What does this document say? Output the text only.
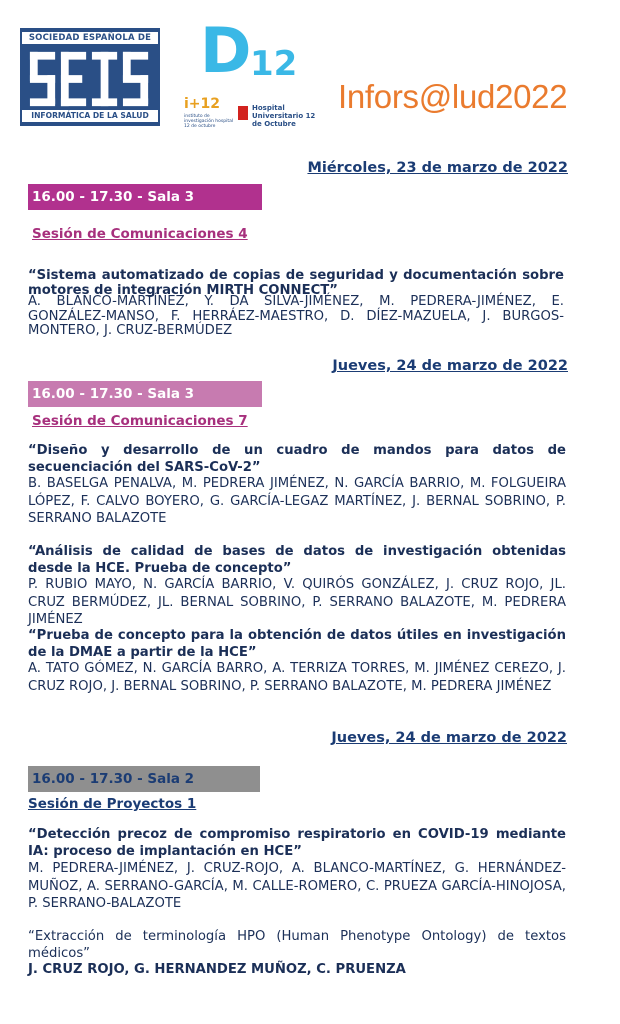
SOCIEDAD ESPAÑOLA DE
INFORMÁTICA DE LA SALUD
D
12
i+12
instituto de investigación hospital 12 de octubre
Hospital Universitario 12 de Octubre
Infors@lud2022
Miércoles, 23 de marzo de 2022
16.00 - 17.30 - Sala 3
Sesión de Comunicaciones 4
“Sistema automatizado de copias de seguridad y documentación sobre motores de integración MIRTH CONNECT”
A. BLANCO-MARTÍNEZ, Y. DA SILVA-JIMÉNEZ, M. PEDRERA-JIMÉNEZ, E. GONZÁLEZ-MANSO, F. HERRÁEZ-MAESTRO, D. DÍEZ-MAZUELA, J. BURGOS-MONTERO, J. CRUZ-BERMÚDEZ
Jueves, 24 de marzo de 2022
16.00 - 17.30 - Sala 3
Sesión de Comunicaciones 7
“Diseño y desarrollo de un cuadro de mandos para datos de secuenciación del SARS-CoV-2”
B. BASELGA PENALVA, M. PEDRERA JIMÉNEZ, N. GARCÍA BARRIO, M. FOLGUEIRA LÓPEZ, F. CALVO BOYERO, G. GARCÍA-LEGAZ MARTÍNEZ, J. BERNAL SOBRINO, P. SERRANO BALAZOTE
“Análisis de calidad de bases de datos de investigación obtenidas desde la HCE. Prueba de concepto”
P. RUBIO MAYO, N. GARCÍA BARRIO, V. QUIRÓS GONZÁLEZ, J. CRUZ ROJO, JL. CRUZ BERMÚDEZ, JL. BERNAL SOBRINO, P. SERRANO BALAZOTE, M. PEDRERA JIMÉNEZ
“Prueba de concepto para la obtención de datos útiles en investigación de la DMAE a partir de la HCE”
A. TATO GÓMEZ, N. GARCÍA BARRO, A. TERRIZA TORRES, M. JIMÉNEZ CEREZO, J. CRUZ ROJO, J. BERNAL SOBRINO, P. SERRANO BALAZOTE, M. PEDRERA JIMÉNEZ
Jueves, 24 de marzo de 2022
16.00 - 17.30 - Sala 2
Sesión de Proyectos 1
“Detección precoz de compromiso respiratorio en COVID-19 mediante IA: proceso de implantación en HCE”
M. PEDRERA-JIMÉNEZ, J. CRUZ-ROJO, A. BLANCO-MARTÍNEZ, G. HERNÁNDEZ-MUÑOZ, A. SERRANO-GARCÍA, M. CALLE-ROMERO, C. PRUEZA GARCÍA-HINOJOSA, P. SERRANO-BALAZOTE
“Extracción de terminología HPO (Human Phenotype Ontology) de textos médicos”
J. CRUZ ROJO, G. HERNANDEZ MUÑOZ, C. PRUENZA
